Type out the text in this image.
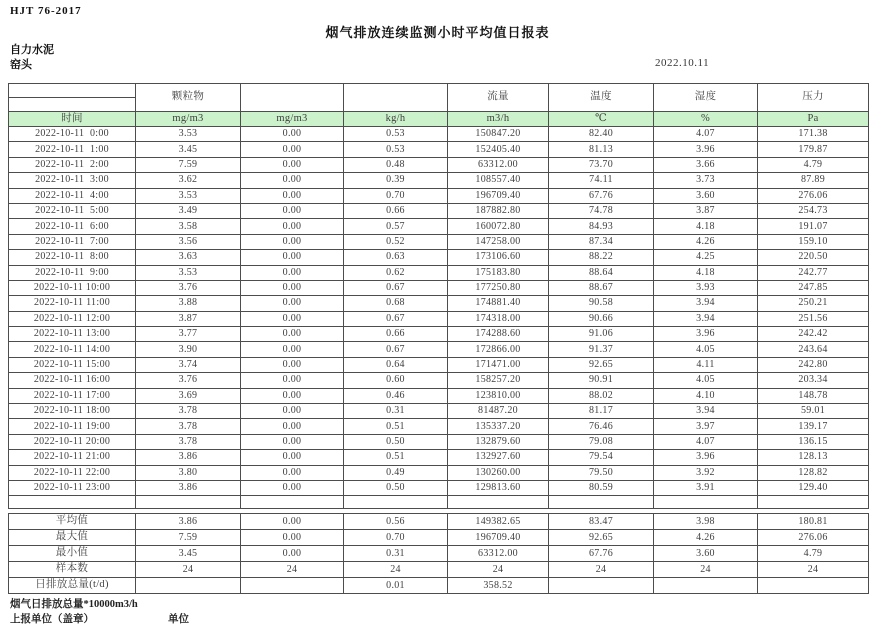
HJT 76-2017
烟气排放连续监测小时平均值日报表
自力水泥
窑头	2022.10.11
	颗粒物			流量	温度	湿度	压力
时间	mg/m3	mg/m3	kg/h	m3/h	℃	%	Pa
2022-10-11  0:00	3.53	0.00	0.53	150847.20	82.40	4.07	171.38
2022-10-11  1:00	3.45	0.00	0.53	152405.40	81.13	3.96	179.87
2022-10-11  2:00	7.59	0.00	0.48	63312.00	73.70	3.66	4.79
2022-10-11  3:00	3.62	0.00	0.39	108557.40	74.11	3.73	87.89
2022-10-11  4:00	3.53	0.00	0.70	196709.40	67.76	3.60	276.06
2022-10-11  5:00	3.49	0.00	0.66	187882.80	74.78	3.87	254.73
2022-10-11  6:00	3.58	0.00	0.57	160072.80	84.93	4.18	191.07
2022-10-11  7:00	3.56	0.00	0.52	147258.00	87.34	4.26	159.10
2022-10-11  8:00	3.63	0.00	0.63	173106.60	88.22	4.25	220.50
2022-10-11  9:00	3.53	0.00	0.62	175183.80	88.64	4.18	242.77
2022-10-11 10:00	3.76	0.00	0.67	177250.80	88.67	3.93	247.85
2022-10-11 11:00	3.88	0.00	0.68	174881.40	90.58	3.94	250.21
2022-10-11 12:00	3.87	0.00	0.67	174318.00	90.66	3.94	251.56
2022-10-11 13:00	3.77	0.00	0.66	174288.60	91.06	3.96	242.42
2022-10-11 14:00	3.90	0.00	0.67	172866.00	91.37	4.05	243.64
2022-10-11 15:00	3.74	0.00	0.64	171471.00	92.65	4.11	242.80
2022-10-11 16:00	3.76	0.00	0.60	158257.20	90.91	4.05	203.34
2022-10-11 17:00	3.69	0.00	0.46	123810.00	88.02	4.10	148.78
2022-10-11 18:00	3.78	0.00	0.31	81487.20	81.17	3.94	59.01
2022-10-11 19:00	3.78	0.00	0.51	135337.20	76.46	3.97	139.17
2022-10-11 20:00	3.78	0.00	0.50	132879.60	79.08	4.07	136.15
2022-10-11 21:00	3.86	0.00	0.51	132927.60	79.54	3.96	128.13
2022-10-11 22:00	3.80	0.00	0.49	130260.00	79.50	3.92	128.82
2022-10-11 23:00	3.86	0.00	0.50	129813.60	80.59	3.91	129.40

平均值	3.86	0.00	0.56	149382.65	83.47	3.98	180.81
最大值	7.59	0.00	0.70	196709.40	92.65	4.26	276.06
最小值	3.45	0.00	0.31	63312.00	67.76	3.60	4.79
样本数	24	24	24	24	24	24	24
日排放总量(t/d)			0.01	358.52			
烟气日排放总量*10000m3/h
上报单位（盖章）	单位
